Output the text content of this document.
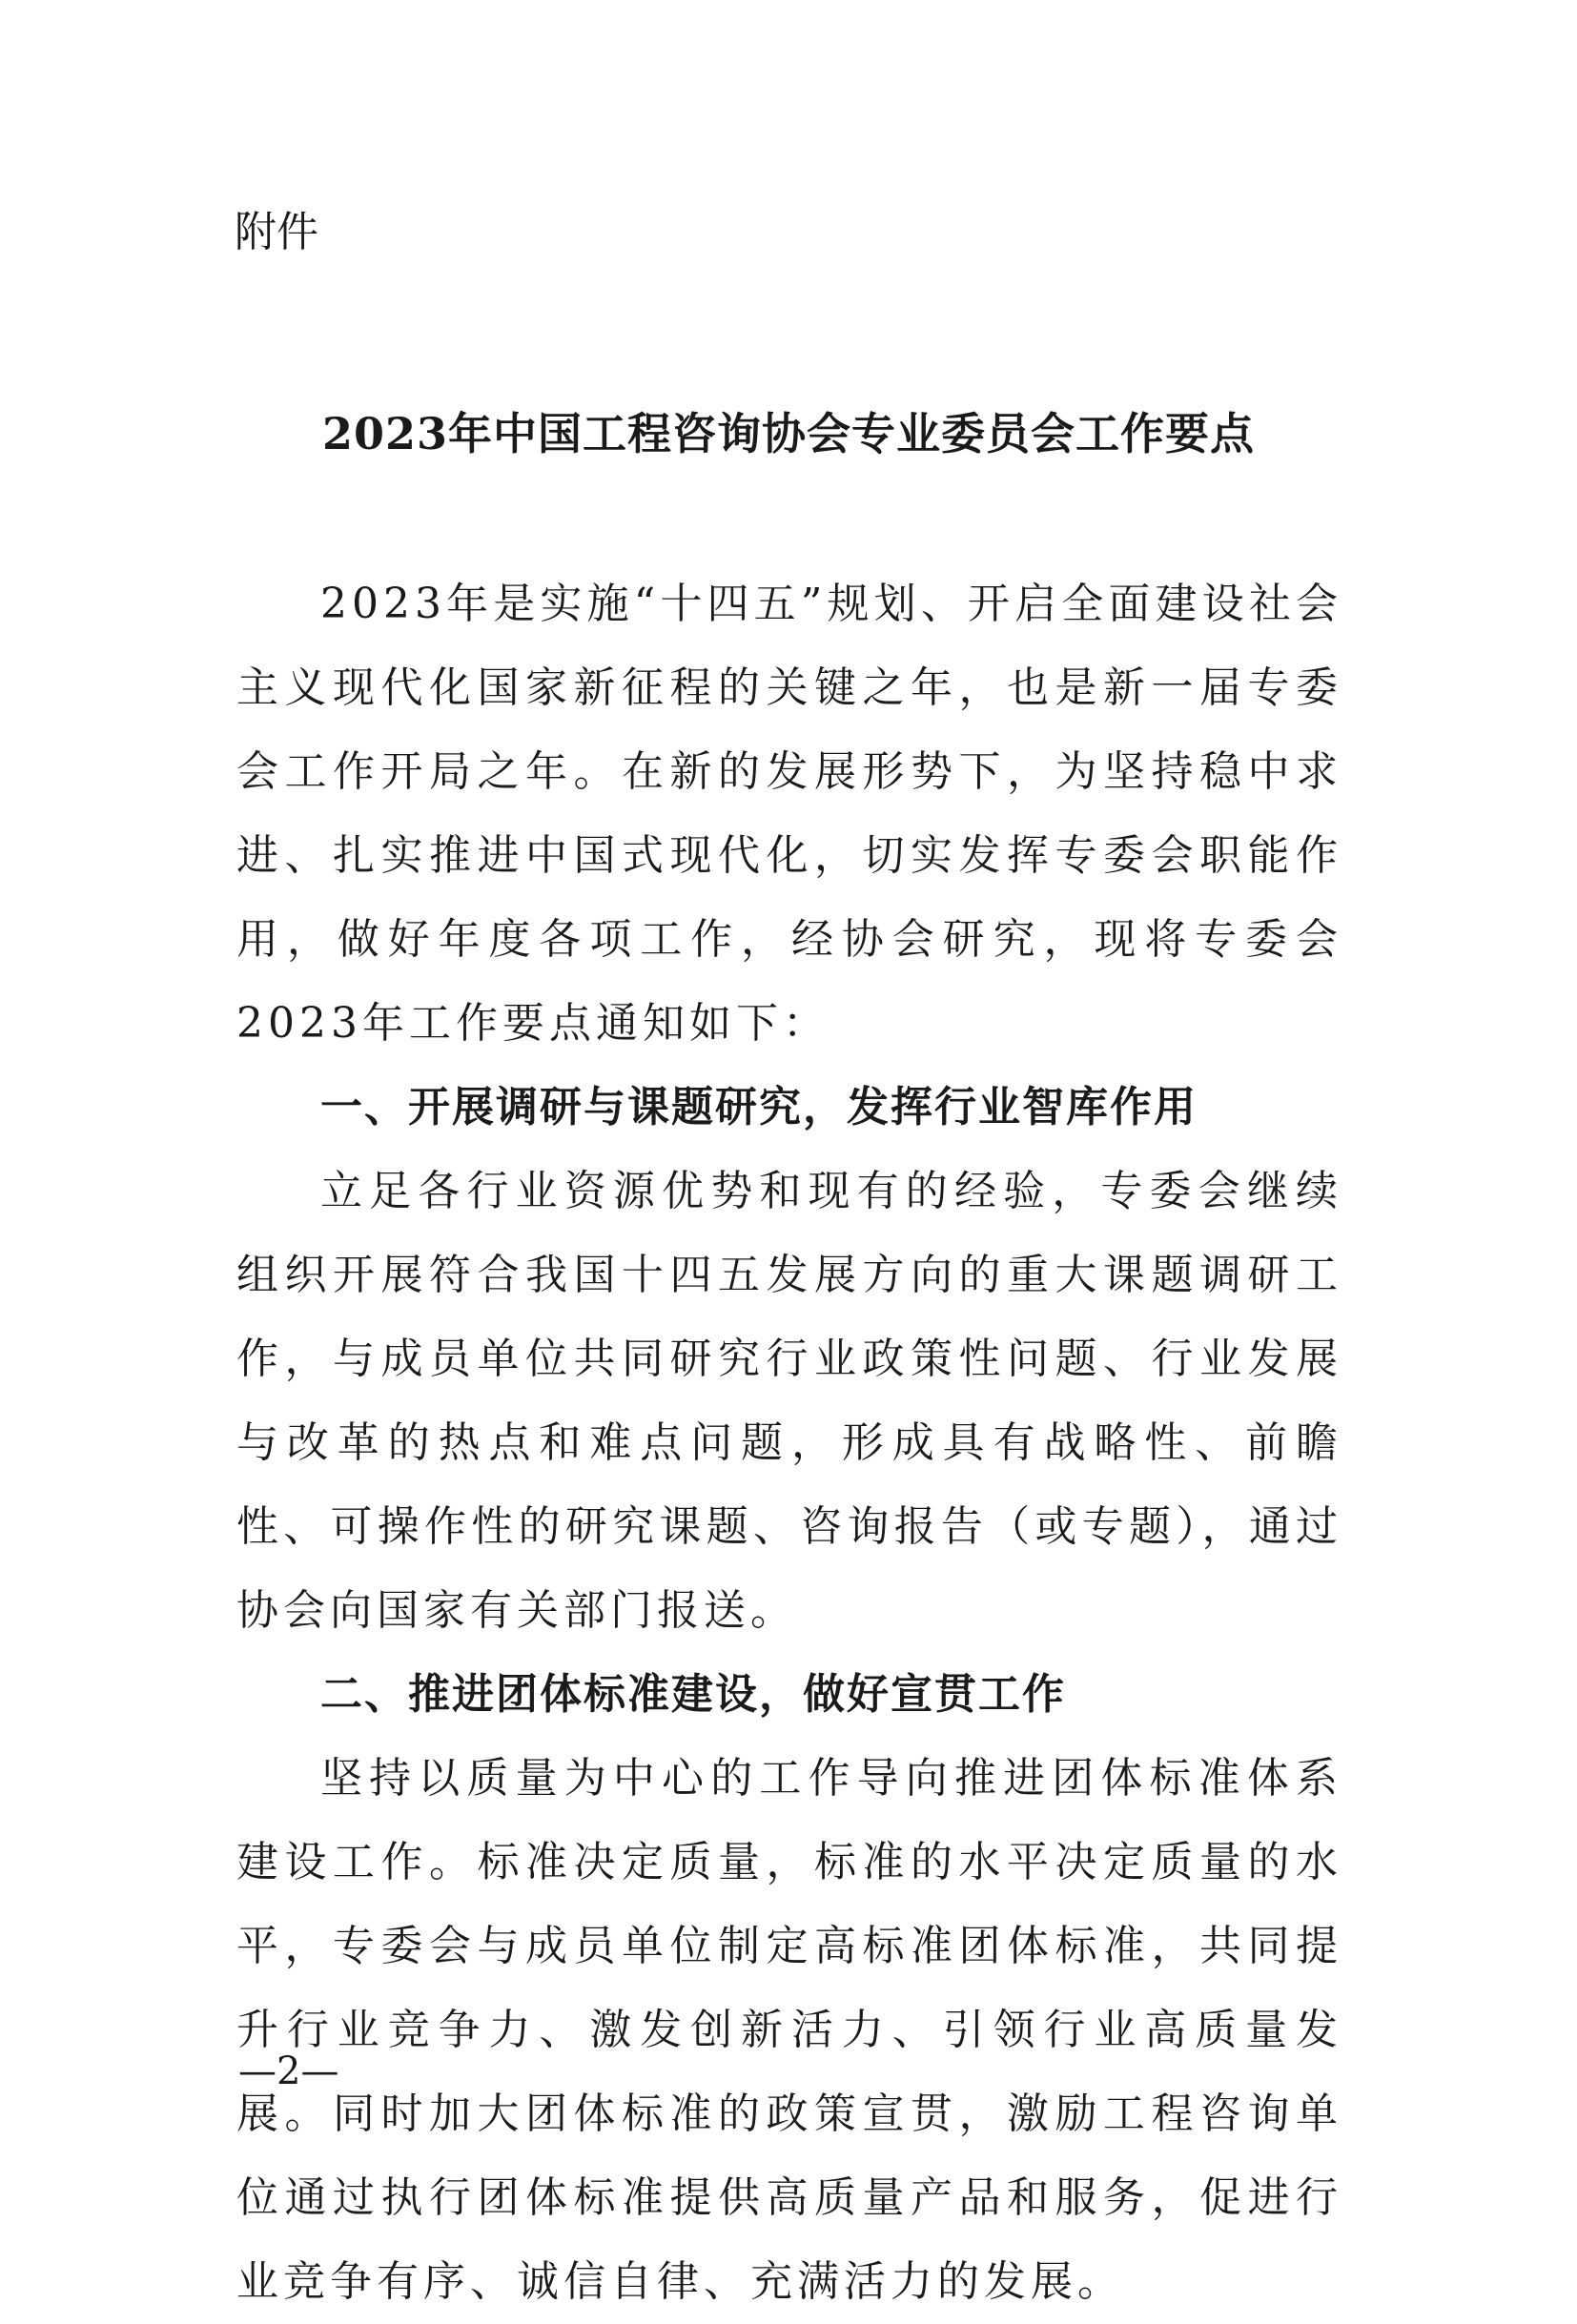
附件
2023年中国工程咨询协会专业委员会工作要点

2023年是实施“十四五”规划、开启全面建设社会主义现代化国家新征程的关键之年，也是新一届专委会工作开局之年。在新的发展形势下，为坚持稳中求进、扎实推进中国式现代化，切实发挥专委会职能作用，做好年度各项工作，经协会研究，现将专委会2023年工作要点通知如下：

一、开展调研与课题研究，发挥行业智库作用

立足各行业资源优势和现有的经验，专委会继续组织开展符合我国十四五发展方向的重大课题调研工作，与成员单位共同研究行业政策性问题、行业发展与改革的热点和难点问题，形成具有战略性、前瞻性、可操作性的研究课题、咨询报告（或专题），通过协会向国家有关部门报送。

二、推进团体标准建设，做好宣贯工作

坚持以质量为中心的工作导向推进团体标准体系建设工作。标准决定质量，标准的水平决定质量的水平，专委会与成员单位制定高标准团体标准，共同提升行业竞争力、激发创新活力、引领行业高质量发展。同时加大团体标准的政策宣贯，激励工程咨询单位通过执行团体标准提供高质量产品和服务，促进行业竞争有序、诚信自律、充满活力的发展。

—2—
